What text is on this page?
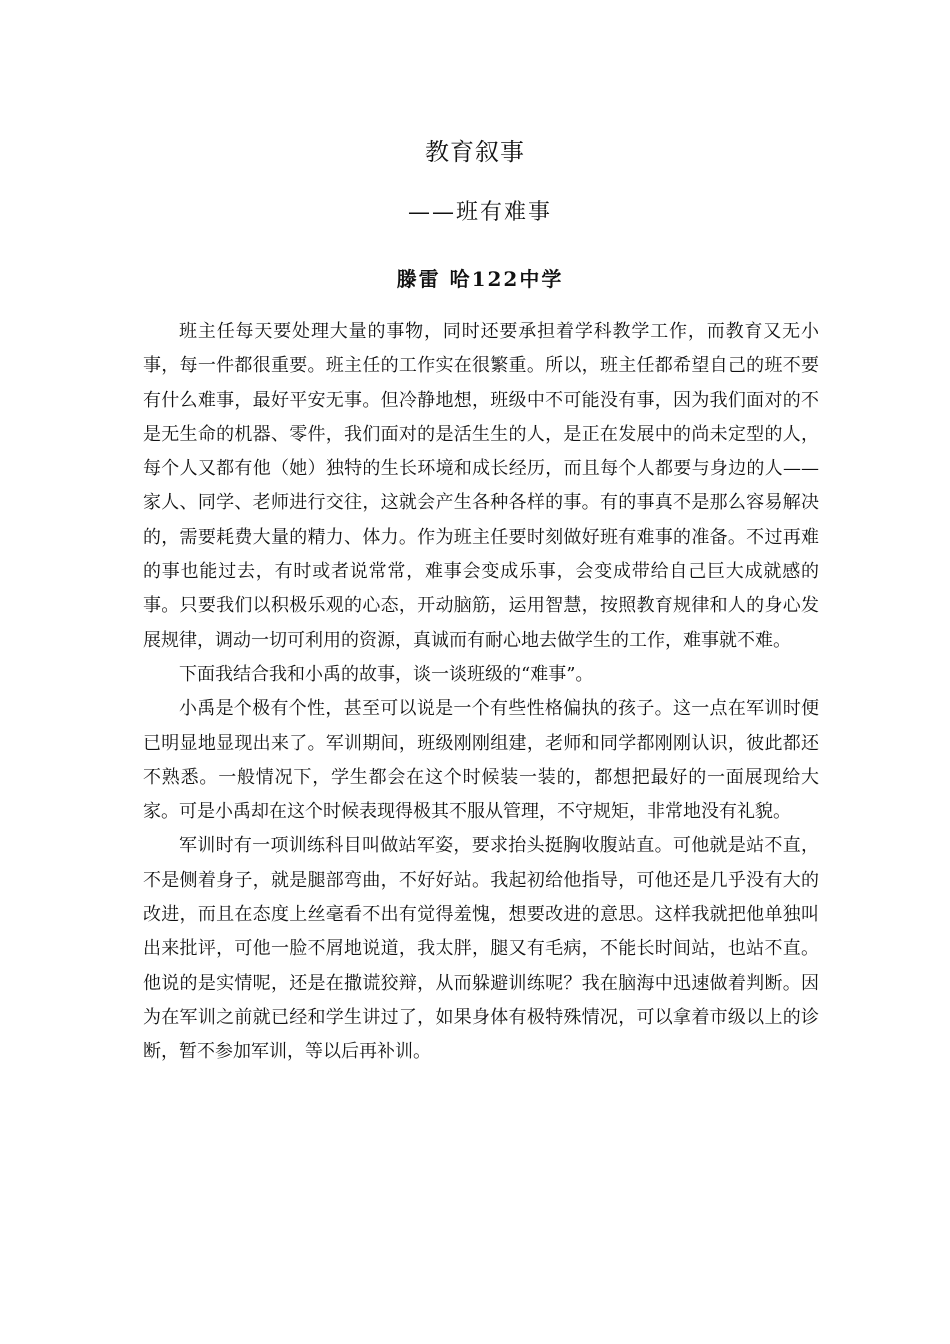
教育叙事
——班有难事
滕雷 哈122中学

班主任每天要处理大量的事物，同时还要承担着学科教学工作，而教育又无小事，每一件都很重要。班主任的工作实在很繁重。所以，班主任都希望自己的班不要有什么难事，最好平安无事。但冷静地想，班级中不可能没有事，因为我们面对的不是无生命的机器、零件，我们面对的是活生生的人，是正在发展中的尚未定型的人，每个人又都有他（她）独特的生长环境和成长经历，而且每个人都要与身边的人——家人、同学、老师进行交往，这就会产生各种各样的事。有的事真不是那么容易解决的，需要耗费大量的精力、体力。作为班主任要时刻做好班有难事的准备。不过再难的事也能过去，有时或者说常常，难事会变成乐事，会变成带给自己巨大成就感的事。只要我们以积极乐观的心态，开动脑筋，运用智慧，按照教育规律和人的身心发展规律，调动一切可利用的资源，真诚而有耐心地去做学生的工作，难事就不难。

下面我结合我和小禹的故事，谈一谈班级的“难事”。

小禹是个极有个性，甚至可以说是一个有些性格偏执的孩子。这一点在军训时便已明显地显现出来了。军训期间，班级刚刚组建，老师和同学都刚刚认识，彼此都还不熟悉。一般情况下，学生都会在这个时候装一装的，都想把最好的一面展现给大家。可是小禹却在这个时候表现得极其不服从管理，不守规矩，非常地没有礼貌。

军训时有一项训练科目叫做站军姿，要求抬头挺胸收腹站直。可他就是站不直，不是侧着身子，就是腿部弯曲，不好好站。我起初给他指导，可他还是几乎没有大的改进，而且在态度上丝毫看不出有觉得羞愧，想要改进的意思。这样我就把他单独叫出来批评，可他一脸不屑地说道，我太胖，腿又有毛病，不能长时间站，也站不直。他说的是实情呢，还是在撒谎狡辩，从而躲避训练呢？我在脑海中迅速做着判断。因为在军训之前就已经和学生讲过了，如果身体有极特殊情况，可以拿着市级以上的诊断，暂不参加军训，等以后再补训。
